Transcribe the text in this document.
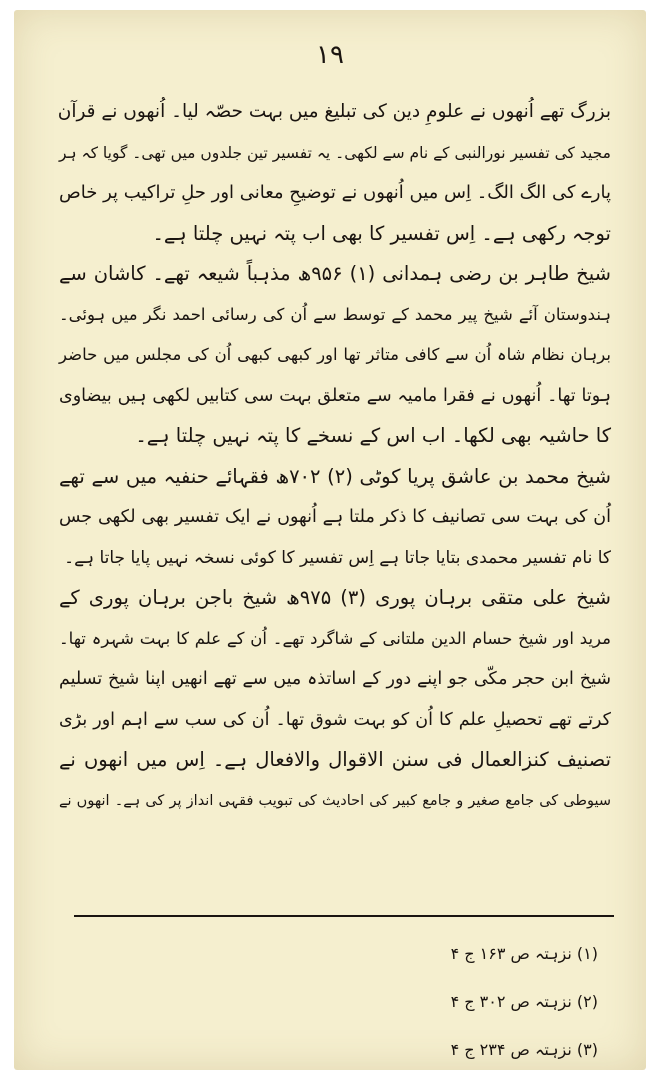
١٩

بزرگ تھے اُنھوں نے علومِ دین کی تبلیغ میں بہت حصّہ لیا۔ اُنھوں نے قرآن

مجید کی تفسیر نورالنبی کے نام سے لکھی۔ یہ تفسیر تین جلدوں میں تھی۔ گویا کہ ہر

پارے کی الگ الگ۔ اِس میں اُنھوں نے توضیحِ معانی اور حلِ تراکیب پر خاص

توجہ رکھی ہے۔ اِس تفسیر کا بھی اب پتہ نہیں چلتا ہے۔

شیخ طاہر بن رضی ہمدانی (۱) ۹۵۶ھ مذہباً شیعہ تھے۔ کاشان سے

ہندوستان آئے شیخ پیر محمد کے توسط سے اُن کی رسائی احمد نگر میں ہوئی۔

برہان نظام شاہ اُن سے کافی متاثر تھا اور کبھی کبھی اُن کی مجلس میں حاضر

ہوتا تھا۔ اُنھوں نے فقرا مامیہ سے متعلق بہت سی کتابیں لکھی ہیں بیضاوی

کا حاشیہ بھی لکھا۔ اب اس کے نسخے کا پتہ نہیں چلتا ہے۔

شیخ محمد بن عاشق پریا کوٹی (۲) ۷۰۲ھ فقہائے حنفیہ میں سے تھے

اُن کی بہت سی تصانیف کا ذکر ملتا ہے اُنھوں نے ایک تفسیر بھی لکھی جس

کا نام تفسیر محمدی بتایا جاتا ہے اِس تفسیر کا کوئی نسخہ نہیں پایا جاتا ہے۔

شیخ علی متقی برہان پوری (۳) ۹۷۵ھ شیخ باجن برہان پوری کے

مرید اور شیخ حسام الدین ملتانی کے شاگرد تھے۔ اُن کے علم کا بہت شہرہ تھا۔

شیخ ابن حجر مکّی جو اپنے دور کے اساتذہ میں سے تھے انھیں اپنا شیخ تسلیم

کرتے تھے تحصیلِ علم کا اُن کو بہت شوق تھا۔ اُن کی سب سے اہم اور بڑی

تصنیف کنزالعمال فی سنن الاقوال والافعال ہے۔ اِس میں انھوں نے

سیوطی کی جامع صغیر و جامع کبیر کی احادیث کی تبویب فقہی انداز پر کی ہے۔ انھوں نے

(۱) نزہتہ ص ۱۶۳ ج ۴
(۲) نزہتہ ص ۳۰۲ ج ۴
(۳) نزہتہ ص ۲۳۴ ج ۴
